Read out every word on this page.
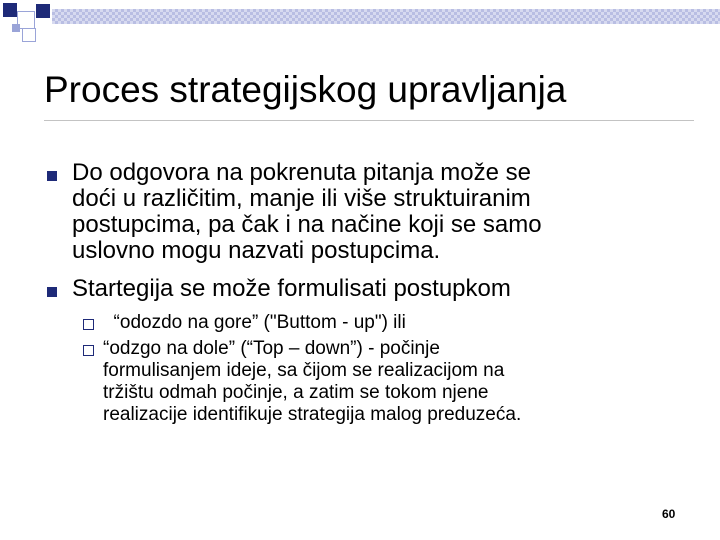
Proces strategijskog upravljanja
Do odgovora na pokrenuta pitanja može se
doći u različitim, manje ili više struktuiranim
postupcima, pa čak i na načine koji se samo
uslovno mogu nazvati postupcima.
Startegija se može formulisati postupkom
“odozdo na gore” ("Buttom - up") ili
“odzgo na dole” (“Top – down”) - počinje
formulisanjem ideje, sa čijom se realizacijom na
tržištu odmah počinje, a zatim se tokom njene
realizacije identifikuje strategija malog preduzeća.
60
